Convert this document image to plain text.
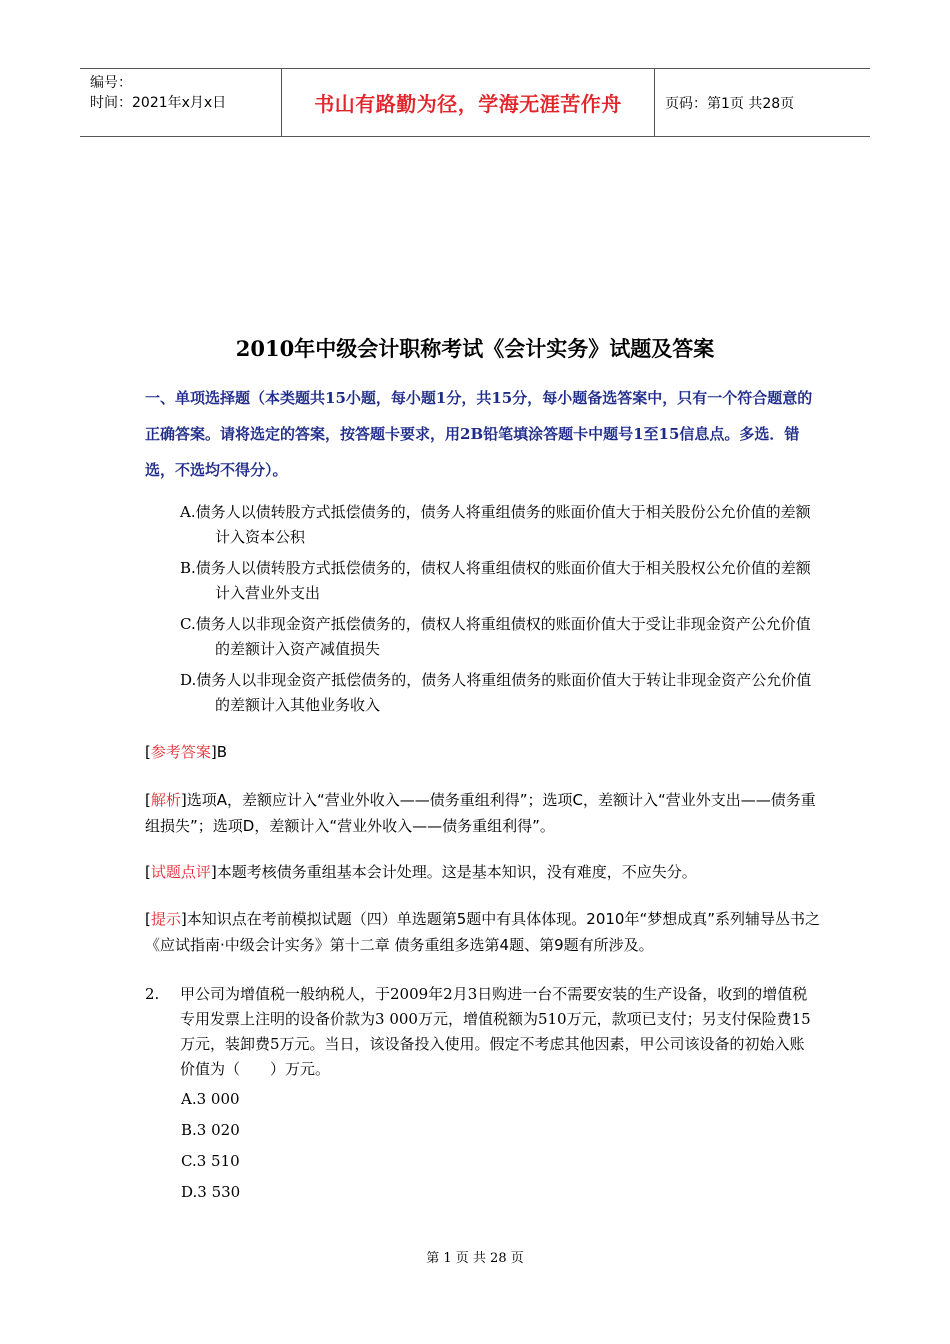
编号：
时间：2021年x月x日	书山有路勤为径，学海无涯苦作舟	页码：第1页 共28页
2010年中级会计职称考试《会计实务》试题及答案
一、单项选择题（本类题共15小题，每小题1分，共15分，每小题备选答案中，只有一个符合题意的正确答案。请将选定的答案，按答题卡要求，用2B铅笔填涂答题卡中题号1至15信息点。多选．错选，不选均不得分）。
A.债务人以债转股方式抵偿债务的，债务人将重组债务的账面价值大于相关股份公允价值的差额计入资本公积
B.债务人以债转股方式抵偿债务的，债权人将重组债权的账面价值大于相关股权公允价值的差额计入营业外支出
C.债务人以非现金资产抵偿债务的，债权人将重组债权的账面价值大于受让非现金资产公允价值的差额计入资产减值损失
D.债务人以非现金资产抵偿债务的，债务人将重组债务的账面价值大于转让非现金资产公允价值的差额计入其他业务收入
[参考答案]B
[解析]选项A，差额应计入“营业外收入——债务重组利得”；选项C，差额计入“营业外支出——债务重组损失”；选项D，差额计入“营业外收入——债务重组利得”。
[试题点评]本题考核债务重组基本会计处理。这是基本知识，没有难度，不应失分。
[提示]本知识点在考前模拟试题（四）单选题第5题中有具体体现。2010年“梦想成真”系列辅导丛书之《应试指南·中级会计实务》第十二章 债务重组多选第4题、第9题有所涉及。
2.	甲公司为增值税一般纳税人，于2009年2月3日购进一台不需要安装的生产设备，收到的增值税专用发票上注明的设备价款为3 000万元，增值税额为510万元，款项已支付；另支付保险费15万元，装卸费5万元。当日，该设备投入使用。假定不考虑其他因素，甲公司该设备的初始入账价值为（　　）万元。
A.3 000
B.3 020
C.3 510
D.3 530
第 1 页 共 28 页
